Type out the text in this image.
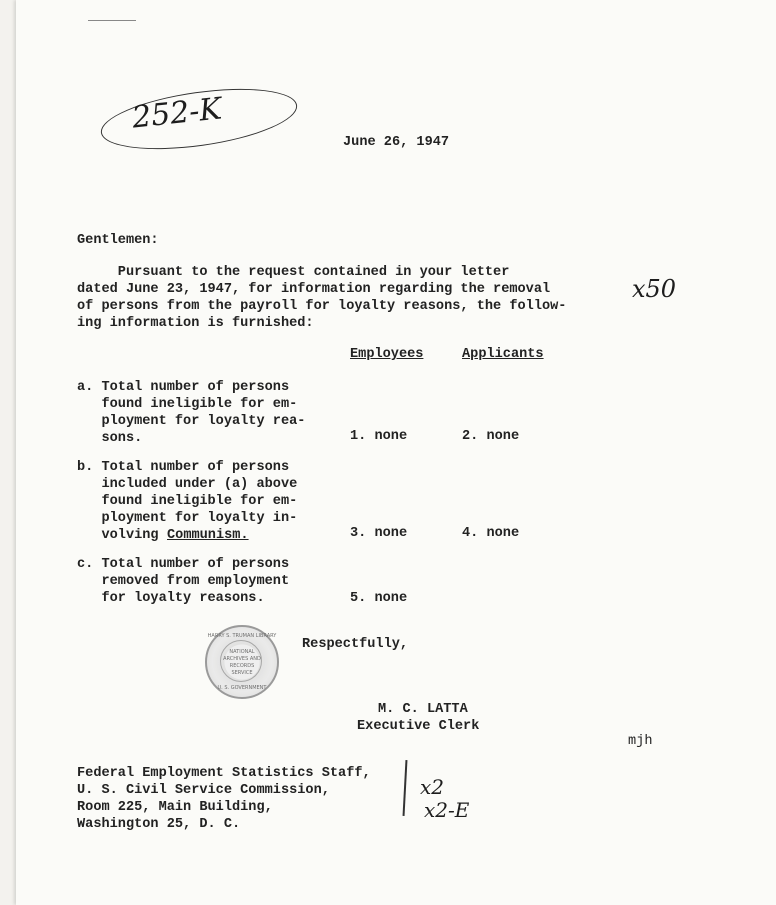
252-K
June 26, 1947
Gentlemen:
Pursuant to the request contained in your letter
dated June 23, 1947, for information regarding the removal
of persons from the payroll for loyalty reasons, the follow-
ing information is furnished:
x50
Employees	Applicants
a. Total number of persons
found ineligible for em-
ployment for loyalty rea-
sons.	1. none	2. none
b. Total number of persons
included under (a) above
found ineligible for em-
ployment for loyalty in-
volving Communism.	3. none	4. none
c. Total number of persons
removed from employment
for loyalty reasons.	5. none
HARRY S. TRUMAN LIBRARY
NATIONAL
ARCHIVES AND
RECORDS
SERVICE
U. S. GOVERNMENT
Respectfully,
M. C. LATTA
Executive Clerk
mjh
Federal Employment Statistics Staff,
U. S. Civil Service Commission,
Room 225, Main Building,
Washington 25, D. C.
x2
x2-E
